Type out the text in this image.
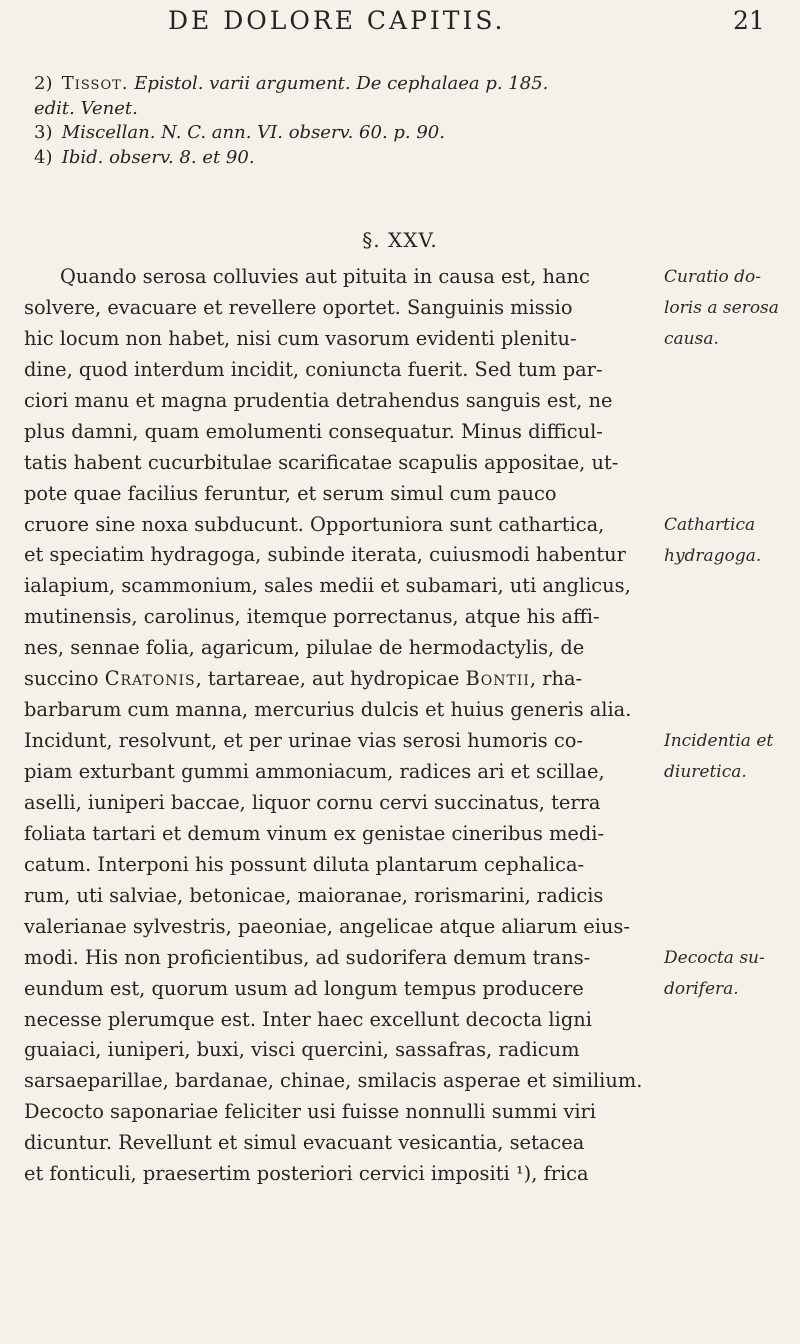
DE DOLORE CAPITIS.	21

2) Tissot. Epistol. varii argument. De cephalaea p. 185.

edit. Venet.

3) Miscellan. N. C. ann. VI. observ. 60. p. 90.

4) Ibid. observ. 8. et 90.

§. XXV.
Quando serosa colluvies aut pituita in causa est, hanc
solvere, evacuare et revellere oportet. Sanguinis missio
hic locum non habet, nisi cum vasorum evidenti plenitu-
dine, quod interdum incidit, coniuncta fuerit. Sed tum par-
ciori manu et magna prudentia detrahendus sanguis est, ne
plus damni, quam emolumenti consequatur. Minus difficul-
tatis habent cucurbitulae scarificatae scapulis appositae, ut-
pote quae facilius feruntur, et serum simul cum pauco
cruore sine noxa subducunt. Opportuniora sunt cathartica,
et speciatim hydragoga, subinde iterata, cuiusmodi habentur
ialapium, scammonium, sales medii et subamari, uti anglicus,
mutinensis, carolinus, itemque porrectanus, atque his affi-
nes, sennae folia, agaricum, pilulae de hermodactylis, de
succino Cratonis, tartareae, aut hydropicae Bontii, rha-
barbarum cum manna, mercurius dulcis et huius generis alia.
Incidunt, resolvunt, et per urinae vias serosi humoris co-
piam exturbant gummi ammoniacum, radices ari et scillae,
aselli, iuniperi baccae, liquor cornu cervi succinatus, terra
foliata tartari et demum vinum ex genistae cineribus medi-
catum. Interponi his possunt diluta plantarum cephalica-
rum, uti salviae, betonicae, maioranae, rorismarini, radicis
valerianae sylvestris, paeoniae, angelicae atque aliarum eius-
modi. His non proficientibus, ad sudorifera demum trans-
eundum est, quorum usum ad longum tempus producere
necesse plerumque est. Inter haec excellunt decocta ligni
guaiaci, iuniperi, buxi, visci quercini, sassafras, radicum
sarsaeparillae, bardanae, chinae, smilacis asperae et similium.
Decocto saponariae feliciter usi fuisse nonnulli summi viri
dicuntur. Revellunt et simul evacuant vesicantia, setacea
et fonticuli, praesertim posteriori cervici impositi ¹), frica
Curatio do-
loris a serosa
causa.
Cathartica
hydragoga.
Incidentia et
diuretica.
Decocta su-
dorifera.
